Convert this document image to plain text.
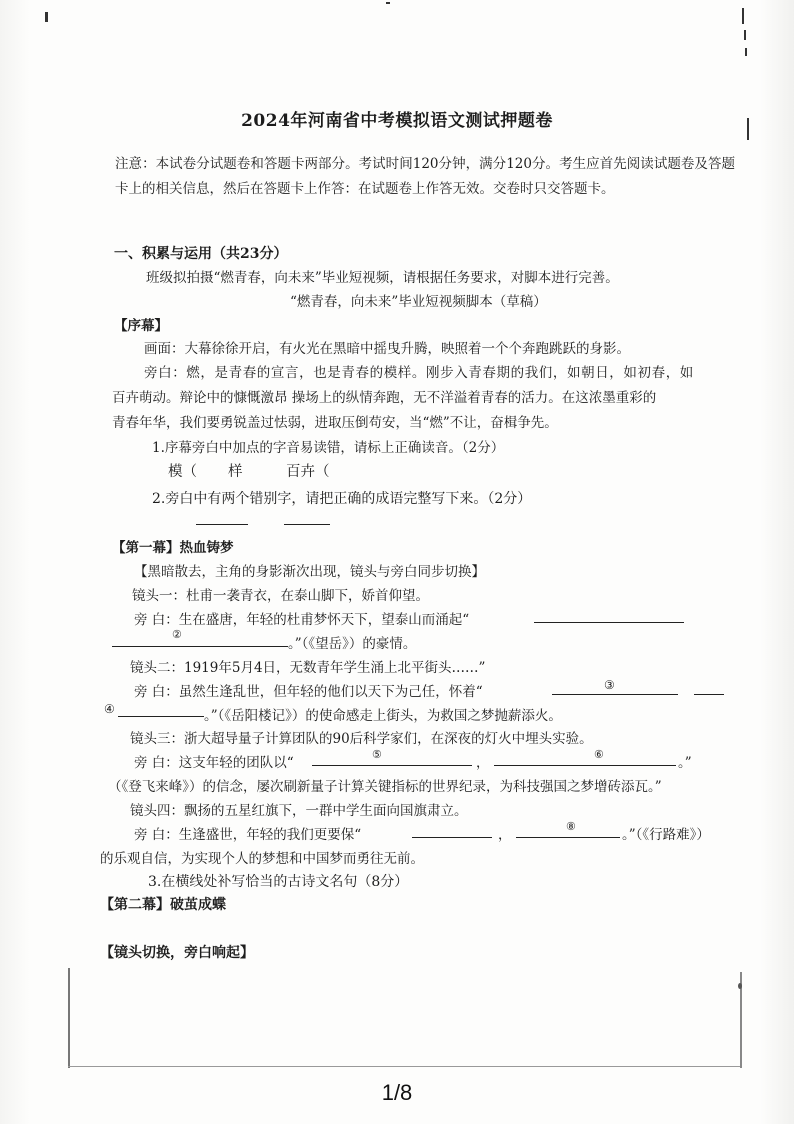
2024年河南省中考模拟语文测试押题卷
注意：本试卷分试题卷和答题卡两部分。考试时间120分钟，满分120分。考生应首先阅读试题卷及答题卡上的相关信息，然后在答题卡上作答：在试题卷上作答无效。交卷时只交答题卡。
一、积累与运用（共23分）
班级拟拍摄“燃青春，向未来”毕业短视频，请根据任务要求，对脚本进行完善。
“燃青春，向未来”毕业短视频脚本（草稿）
【序幕】
画面：大幕徐徐开启，有火光在黑暗中摇曳升腾，映照着一个个奔跑跳跃的身影。
旁白：燃，是青春的宣言，也是青春的模样。刚步入青春期的我们，如朝日，如初春，如
百卉萌动。辩论中的慷慨激昂 操场上的纵情奔跑，无不洋溢着青春的活力。在这浓墨重彩的
青春年华，我们要勇锐盖过怯弱，进取压倒苟安，当“燃”不让，奋楫争先。
1.序幕旁白中加点的字音易读错，请标上正确读音。（2分）
模（ 样	百卉（
2.旁白中有两个错别字，请把正确的成语完整写下来。（2分）
【第一幕】热血铸梦
【黑暗散去，主角的身影渐次出现，镜头与旁白同步切换】
镜头一：杜甫一袭青衣，在泰山脚下，娇首仰望。
旁 白：生在盛唐，年轻的杜甫梦怀天下，望泰山而涌起“
②
。”（《望岳》）的豪情。
镜头二：1919年5月4日，无数青年学生涌上北平街头……”
旁 白：虽然生逢乱世，但年轻的他们以天下为己任，怀着“	③
④	。”（《岳阳楼记》）的使命感走上街头，为救国之梦抛薪添火。
镜头三：浙大超导量子计算团队的90后科学家们，在深夜的灯火中埋头实验。
旁 白：这支年轻的团队以“
⑤
，
⑥
。”
（《登飞来峰》）的信念，屡次刷新量子计算关键指标的世界纪录，为科技强国之梦增砖添瓦。”
镜头四：飘扬的五星红旗下，一群中学生面向国旗肃立。
旁 白：生逢盛世，年轻的我们更要保“	，
⑧
。”（《行路难》）
的乐观自信，为实现个人的梦想和中国梦而勇往无前。
3.在横线处补写恰当的古诗文名句（8分）
【第二幕】破茧成蝶
【镜头切换，旁白响起】
1/8
